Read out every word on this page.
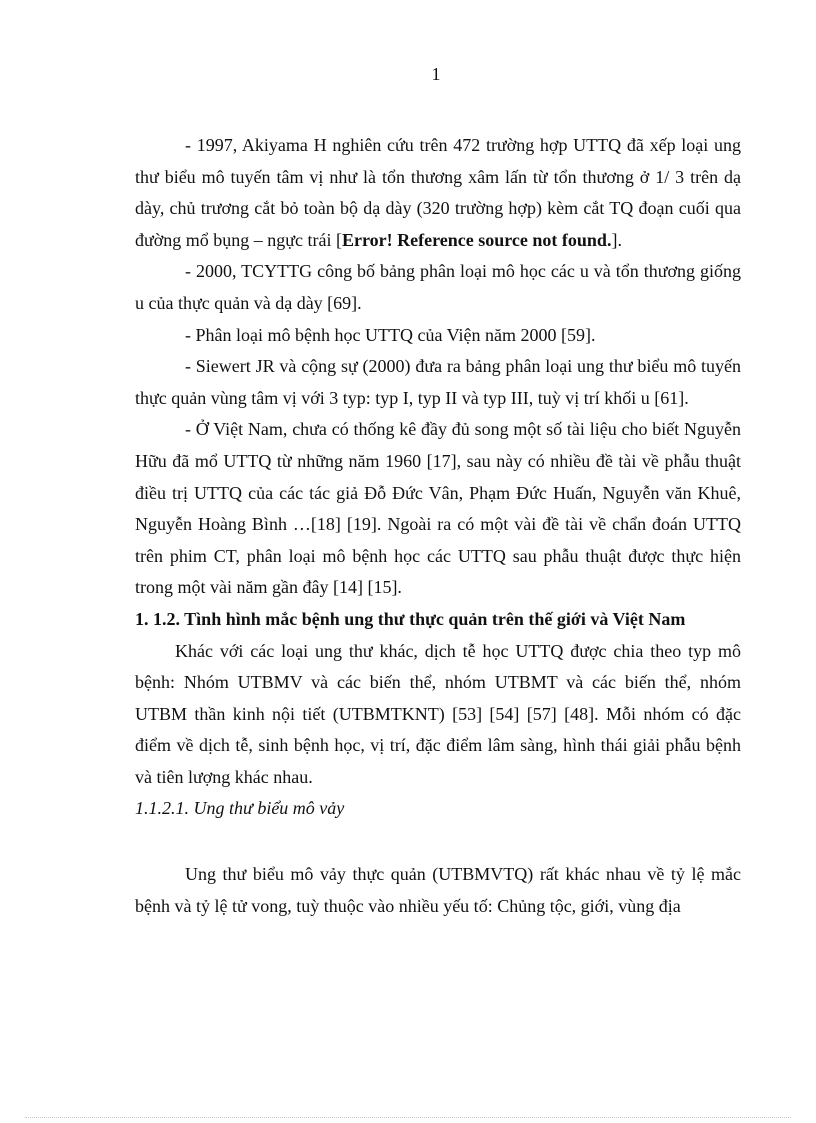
1

- 1997, Akiyama H nghiên cứu trên 472 trường hợp UTTQ đã xếp loại ung thư biểu mô tuyến tâm vị như là tổn thương xâm lấn từ tổn thương ở 1/ 3 trên dạ dày, chủ trương cắt bỏ toàn bộ dạ dày (320 trường hợp) kèm cắt TQ đoạn cuối qua đường mổ bụng – ngực trái [Error! Reference source not found.].

- 2000, TCYTTG công bố bảng phân loại mô học các u và tổn thương giống u của thực quản và dạ dày [69].

- Phân loại mô bệnh học UTTQ của Viện năm 2000 [59].

- Siewert JR và cộng sự (2000) đưa ra bảng phân loại ung thư biểu mô tuyến thực quản vùng tâm vị với 3 typ: typ I, typ II và typ III, tuỳ vị trí khối u [61].

- Ở Việt Nam, chưa có thống kê đầy đủ song một số tài liệu cho biết Nguyễn Hữu đã mổ UTTQ từ những năm 1960 [17], sau này có nhiều đề tài về phẫu thuật điều trị UTTQ của các tác giả Đỗ Đức Vân, Phạm Đức Huấn, Nguyễn văn Khuê, Nguyễn Hoàng Bình …[18] [19]. Ngoài ra có một vài đề tài về chẩn đoán UTTQ trên phim CT, phân loại mô bệnh học các UTTQ sau phẫu thuật được thực hiện trong một vài năm gần đây [14] [15].

1. 1.2. Tình hình mắc bệnh ung thư thực quản trên thế giới và Việt Nam

Khác với các loại ung thư khác, dịch tễ học UTTQ được chia theo typ mô bệnh: Nhóm UTBMV và các biến thể, nhóm UTBMT và các biến thể, nhóm UTBM thần kinh nội tiết (UTBMTKNT) [53] [54] [57] [48]. Mỗi nhóm có đặc điểm về dịch tễ, sinh bệnh học, vị trí, đặc điểm lâm sàng, hình thái giải phẫu bệnh và tiên lượng khác nhau.

1.1.2.1. Ung thư biểu mô vảy

Ung thư biểu mô vảy thực quản (UTBMVTQ) rất khác nhau về tỷ lệ mắc bệnh và tỷ lệ tử vong, tuỳ thuộc vào nhiều yếu tố: Chủng tộc, giới, vùng địa
